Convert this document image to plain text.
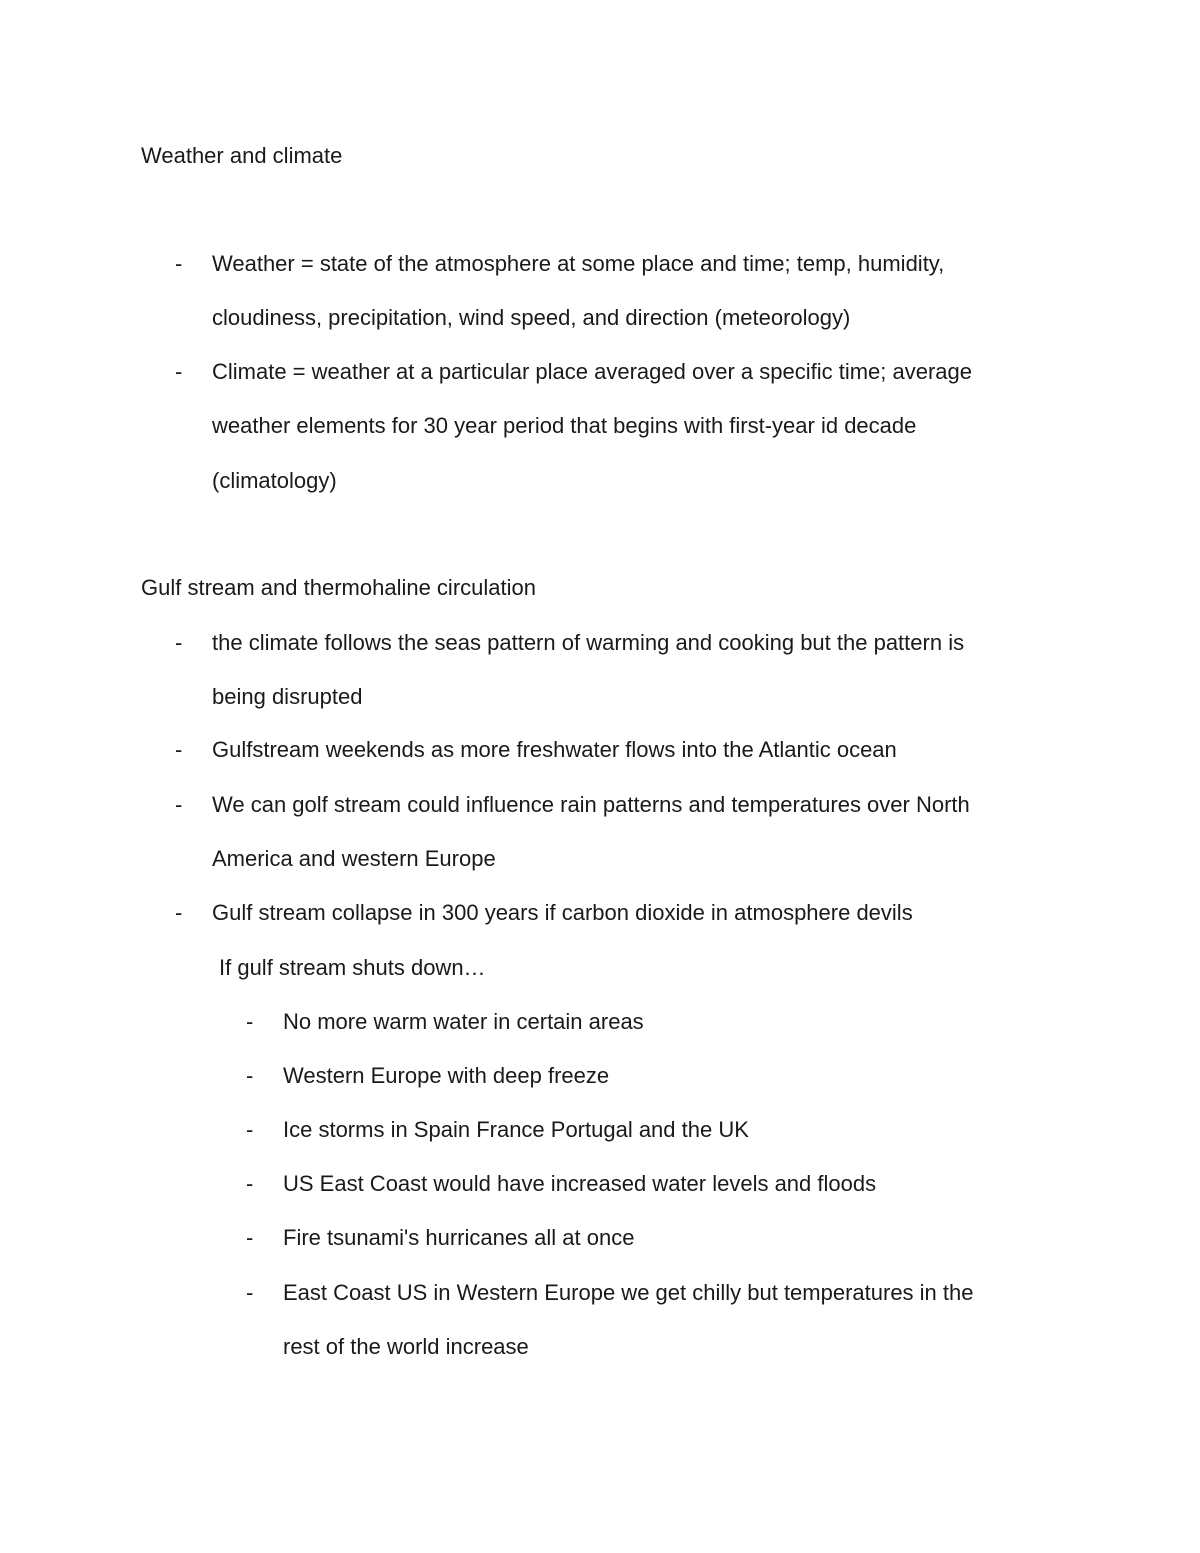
Weather and climate
- Weather = state of the atmosphere at some place and time; temp, humidity,
cloudiness, precipitation, wind speed, and direction (meteorology)
- Climate = weather at a particular place averaged over a specific time; average
weather elements for 30 year period that begins with first-year id decade
(climatology)
Gulf stream and thermohaline circulation
- the climate follows the seas pattern of warming and cooking but the pattern is
being disrupted
- Gulfstream weekends as more freshwater flows into the Atlantic ocean
- We can golf stream could influence rain patterns and temperatures over North
America and western Europe
- Gulf stream collapse in 300 years if carbon dioxide in atmosphere devils
If gulf stream shuts down…
- No more warm water in certain areas
- Western Europe with deep freeze
- Ice storms in Spain France Portugal and the UK
- US East Coast would have increased water levels and floods
- Fire tsunami's hurricanes all at once
- East Coast US in Western Europe we get chilly but temperatures in the
rest of the world increase
